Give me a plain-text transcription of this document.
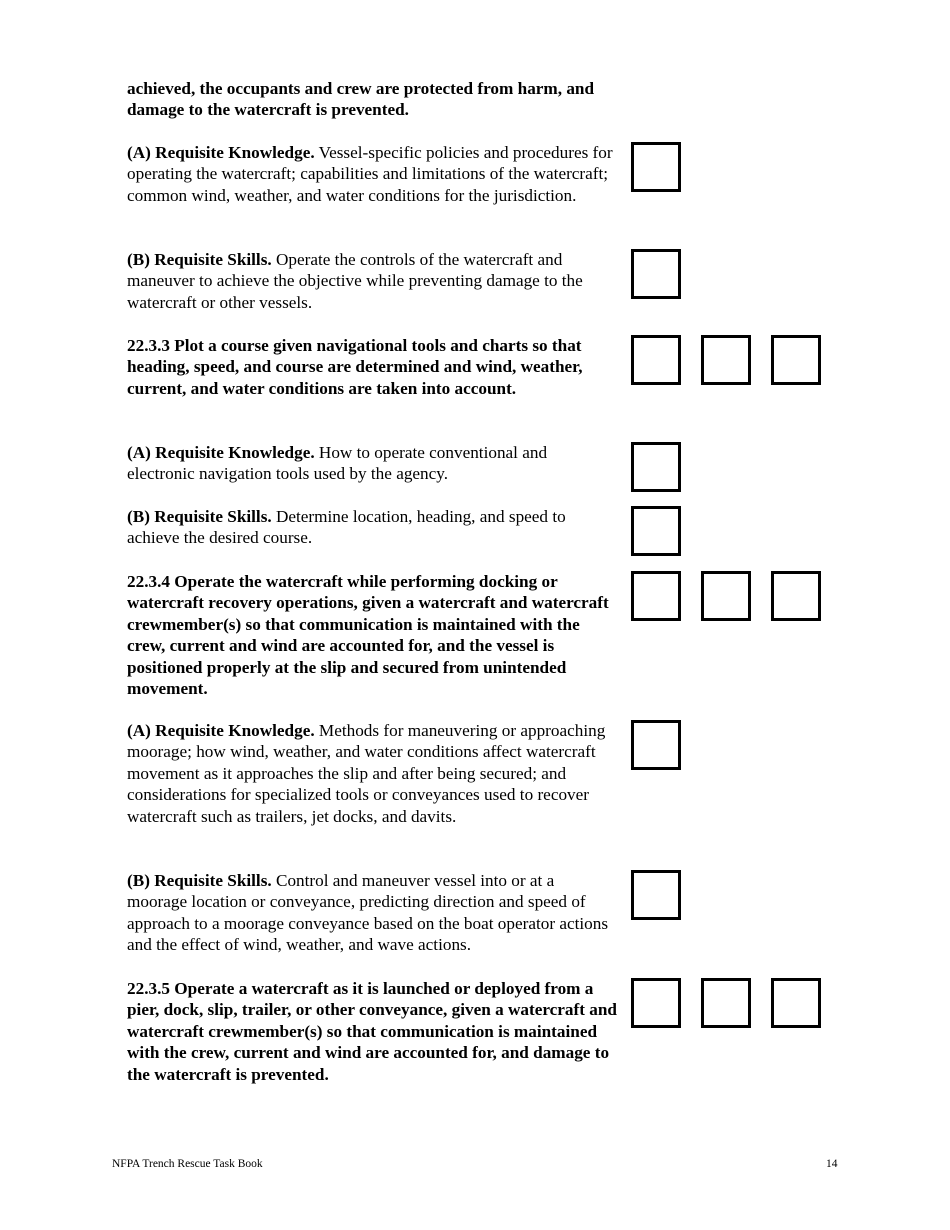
achieved, the occupants and crew are protected from harm, and damage to the watercraft is prevented.
(A) Requisite Knowledge. Vessel-specific policies and procedures for operating the watercraft; capabilities and limitations of the watercraft; common wind, weather, and water conditions for the jurisdiction.
(B) Requisite Skills. Operate the controls of the watercraft and maneuver to achieve the objective while preventing damage to the watercraft or other vessels.
22.3.3 Plot a course given navigational tools and charts so that heading, speed, and course are determined and wind, weather, current, and water conditions are taken into account.
(A) Requisite Knowledge. How to operate conventional and electronic navigation tools used by the agency.
(B) Requisite Skills. Determine location, heading, and speed to achieve the desired course.
22.3.4 Operate the watercraft while performing docking or watercraft recovery operations, given a watercraft and watercraft crewmember(s) so that communication is maintained with the crew, current and wind are accounted for, and the vessel is positioned properly at the slip and secured from unintended movement.
(A) Requisite Knowledge. Methods for maneuvering or approaching moorage; how wind, weather, and water conditions affect watercraft movement as it approaches the slip and after being secured; and considerations for specialized tools or conveyances used to recover watercraft such as trailers, jet docks, and davits.
(B) Requisite Skills. Control and maneuver vessel into or at a moorage location or conveyance, predicting direction and speed of approach to a moorage conveyance based on the boat operator actions and the effect of wind, weather, and wave actions.
22.3.5 Operate a watercraft as it is launched or deployed from a pier, dock, slip, trailer, or other conveyance, given a watercraft and watercraft crewmember(s) so that communication is maintained with the crew, current and wind are accounted for, and damage to the watercraft is prevented.
NFPA Trench Rescue Task Book	14
